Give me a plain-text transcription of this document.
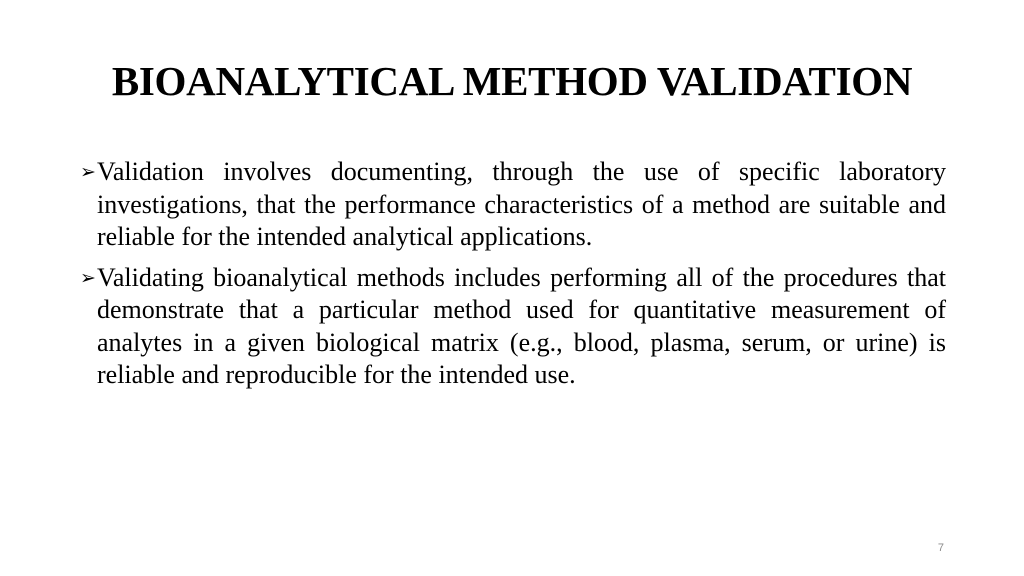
BIOANALYTICAL METHOD VALIDATION
➢ Validation involves documenting, through the use of specific laboratory investigations, that the performance characteristics of a method are suitable and reliable for the intended analytical applications.
➢ Validating bioanalytical methods includes performing all of the procedures that demonstrate that a particular method used for quantitative measurement of analytes in a given biological matrix (e.g., blood, plasma, serum, or urine) is reliable and reproducible for the intended use.
7
